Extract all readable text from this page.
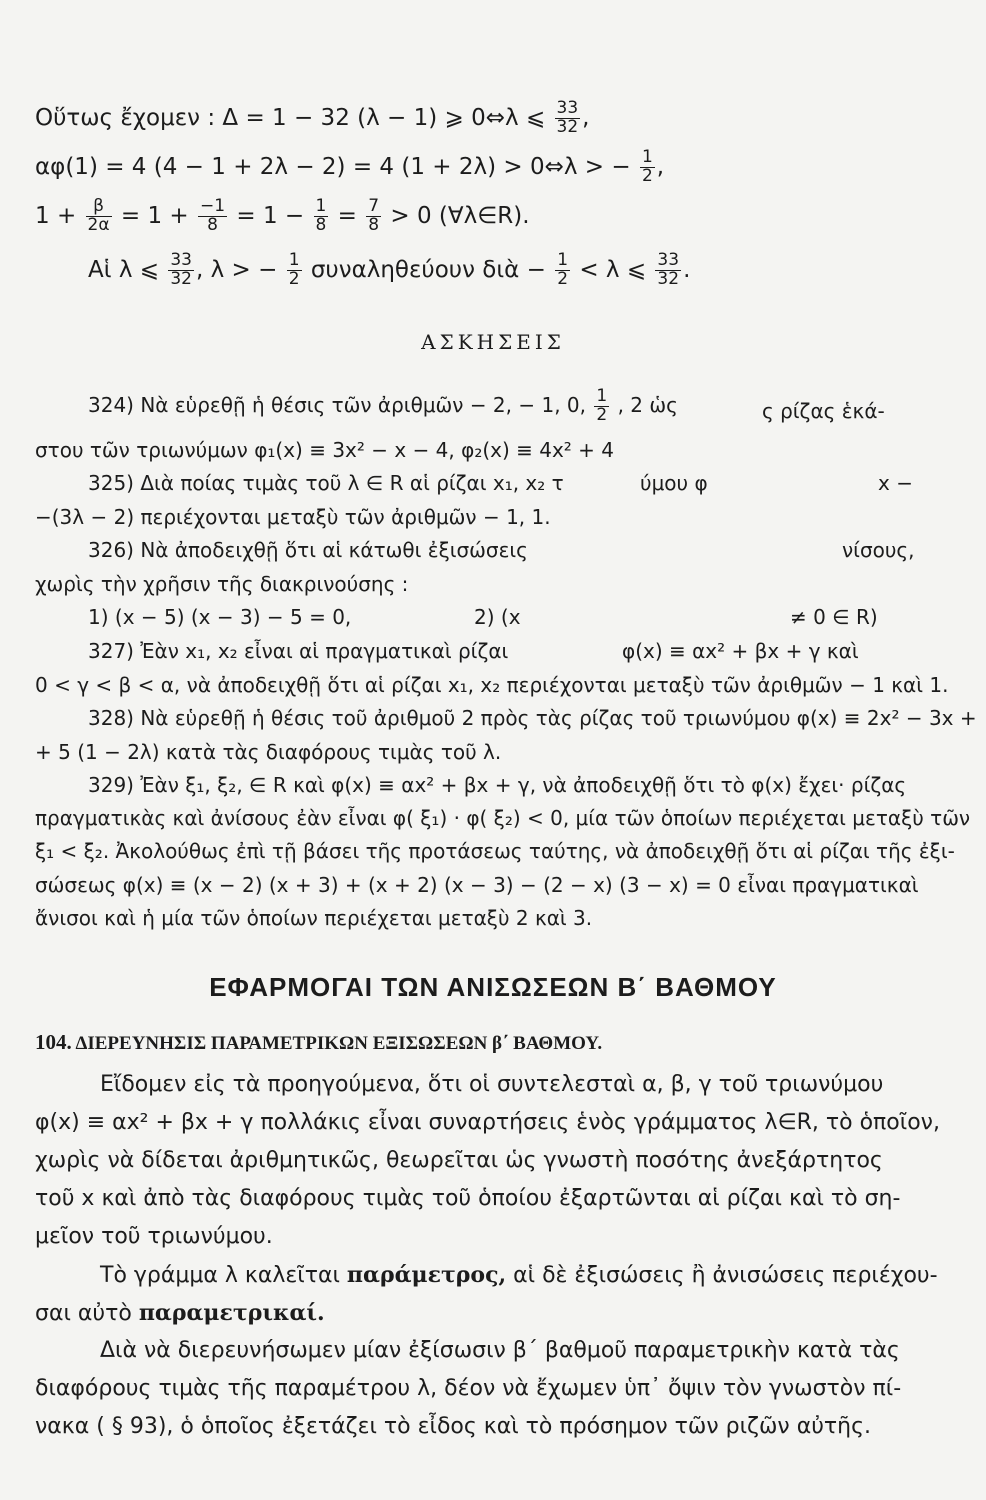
Οὕτως ἔχομεν : Δ = 1 − 32 (λ − 1) ⩾ 0⇔λ ⩽ $\frac{33}{32}$ ,
αφ(1) = 4 (4 − 1 + 2λ − 2) = 4 (1 + 2λ) > 0⇔λ > − $\frac{1}{2}$ ,
$1 + \frac{\beta}{2\alpha} = 1 + \frac{-1}{8} = 1 - \frac{1}{8} = \frac{7}{8} > 0$ (∀λ∈R).
Αἱ λ ⩽ $\frac{33}{32}$ , λ > − $\frac{1}{2}$ συναληθεύουν διὰ − $\frac{1}{2} < \lambda$ ⩽ $\frac{33}{32}$ .
ΑΣΚΗΣΕΙΣ
324) Νὰ εὑρεθῇ ἡ θέσις τῶν ἀριθμῶν − 2, − 1, 0, $\frac{1}{2}$ , 2 ὡς	ς ρίζας ἑκά-
στου τῶν τριωνύμων φ₁(x) ≡ 3x² − x − 4, φ₂(x) ≡ 4x² + 4
325) Διὰ ποίας τιμὰς τοῦ λ ∈ R αἱ ρίζαι x₁, x₂ τ	ύμου φ	x −
−(3λ − 2) περιέχονται μεταξὺ τῶν ἀριθμῶν − 1, 1.
326) Νὰ ἀποδειχθῇ ὅτι αἱ κάτωθι ἐξισώσεις	νίσους,
χωρὶς τὴν χρῆσιν τῆς διακρινούσης :
1) (x − 5) (x − 3) − 5 = 0,	2) (x	≠ 0 ∈ R)
327) Ἐὰν x₁, x₂ εἶναι αἱ πραγματικαὶ ρίζαι	φ(x) ≡ αx² + βx + γ καὶ
0 < γ < β < α, νὰ ἀποδειχθῇ ὅτι αἱ ρίζαι x₁, x₂ περιέχονται μεταξὺ τῶν ἀριθμῶν − 1 καὶ 1.
328) Νὰ εὑρεθῇ ἡ θέσις τοῦ ἀριθμοῦ 2 πρὸς τὰς ρίζας τοῦ τριωνύμου φ(x) ≡ 2x² − 3x +
+ 5 (1 − 2λ) κατὰ τὰς διαφόρους τιμὰς τοῦ λ.
329) Ἐὰν ξ₁, ξ₂, ∈ R καὶ φ(x) ≡ αx² + βx + γ, νὰ ἀποδειχθῇ ὅτι τὸ φ(x) ἔχει· ρίζας
πραγματικὰς καὶ ἀνίσους ἐὰν εἶναι φ( ξ₁) · φ( ξ₂) < 0, μία τῶν ὁποίων περιέχεται μεταξὺ τῶν
ξ₁ < ξ₂. Ἀκολούθως ἐπὶ τῇ βάσει τῆς προτάσεως ταύτης, νὰ ἀποδειχθῇ ὅτι αἱ ρίζαι τῆς ἐξι-
σώσεως φ(x) ≡ (x − 2) (x + 3) + (x + 2) (x − 3) − (2 − x) (3 − x) = 0 εἶναι πραγματικαὶ
ἄνισοι καὶ ἡ μία τῶν ὁποίων περιέχεται μεταξὺ 2 καὶ 3.
ΕΦΑΡΜΟΓΑΙ ΤΩΝ ΑΝΙΣΩΣΕΩΝ Β΄ ΒΑΘΜΟΥ
104. ΔΙΕΡΕΥΝΗΣΙΣ ΠΑΡΑΜΕΤΡΙΚΩΝ ΕΞΙΣΩΣΕΩΝ β΄ ΒΑΘΜΟΥ.
Εἴδομεν εἰς τὰ προηγούμενα, ὅτι οἱ συντελεσταὶ α, β, γ τοῦ τριωνύμου
φ(x) ≡ αx² + βx + γ πολλάκις εἶναι συναρτήσεις ἑνὸς γράμματος λ∈R, τὸ ὁποῖον,
χωρὶς νὰ δίδεται ἀριθμητικῶς, θεωρεῖται ὡς γνωστὴ ποσότης ἀνεξάρτητος
τοῦ x καὶ ἀπὸ τὰς διαφόρους τιμὰς τοῦ ὁποίου ἐξαρτῶνται αἱ ρίζαι καὶ τὸ ση-
μεῖον τοῦ τριωνύμου.
Τὸ γράμμα λ καλεῖται παράμετρος, αἱ δὲ ἐξισώσεις ἢ ἀνισώσεις περιέχου-
σαι αὐτὸ παραμετρικαί.
Διὰ νὰ διερευνήσωμεν μίαν ἐξίσωσιν β΄ βαθμοῦ παραμετρικὴν κατὰ τὰς
διαφόρους τιμὰς τῆς παραμέτρου λ, δέον νὰ ἔχωμεν ὑπ᾽ ὄψιν τὸν γνωστὸν πί-
νακα ( § 93), ὁ ὁποῖος ἐξετάζει τὸ εἶδος καὶ τὸ πρόσημον τῶν ριζῶν αὐτῆς.
